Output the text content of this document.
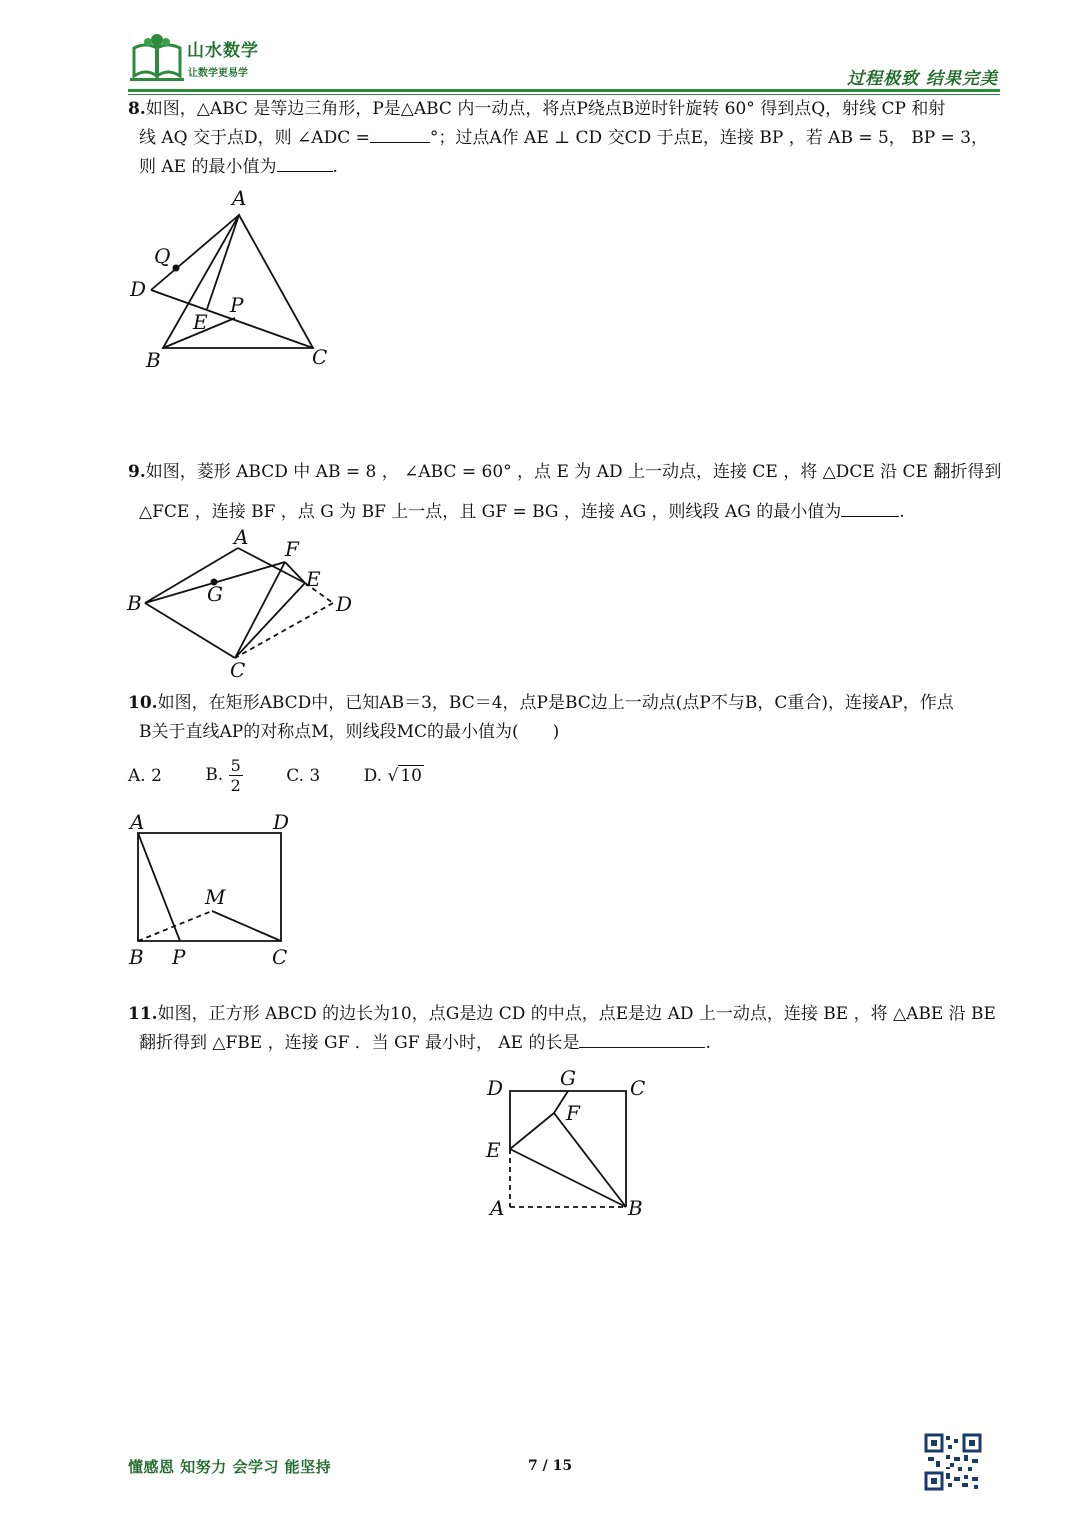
山水数学
让数学更易学	过程极致 结果完美
8.如图，△ABC 是等边三角形，P是△ABC 内一动点，将点P绕点B逆时针旋转 60° 得到点Q，射线 CP 和射
线 AQ 交于点D，则 ∠ADC =	°；过点A作 AE ⊥ CD 交CD 于点E，连接 BP ，若 AB = 5， BP = 3，
则 AE 的最小值为	.
A
Q
D
P
E
B	C
9.如图，菱形 ABCD 中 AB = 8 ， ∠ABC = 60° ，点 E 为 AD 上一动点，连接 CE ，将 △DCE 沿 CE 翻折得到
△FCE ，连接 BF ，点 G 为 BF 上一点，且 GF = BG ，连接 AG ，则线段 AG 的最小值为	.
A F
E
B	G	D
C
10.如图，在矩形ABCD中，已知AB＝3，BC＝4，点P是BC边上一动点(点P不与B，C重合)，连接AP，作点
B关于直线AP的对称点M，则线段MC的最小值为(　　)
A. 2	B. $\frac{5}{2}$	C. 3	D. √ 10
A	D
M
B P	C
11.如图，正方形 ABCD 的边长为10，点G是边 CD 的中点，点E是边 AD 上一动点，连接 BE ，将 △ABE 沿 BE
翻折得到 △FBE ，连接 GF ．当 GF 最小时， AE 的长是	.
D	G	C
F
E
A	B
懂感恩 知努力 会学习 能坚持	7 / 15
